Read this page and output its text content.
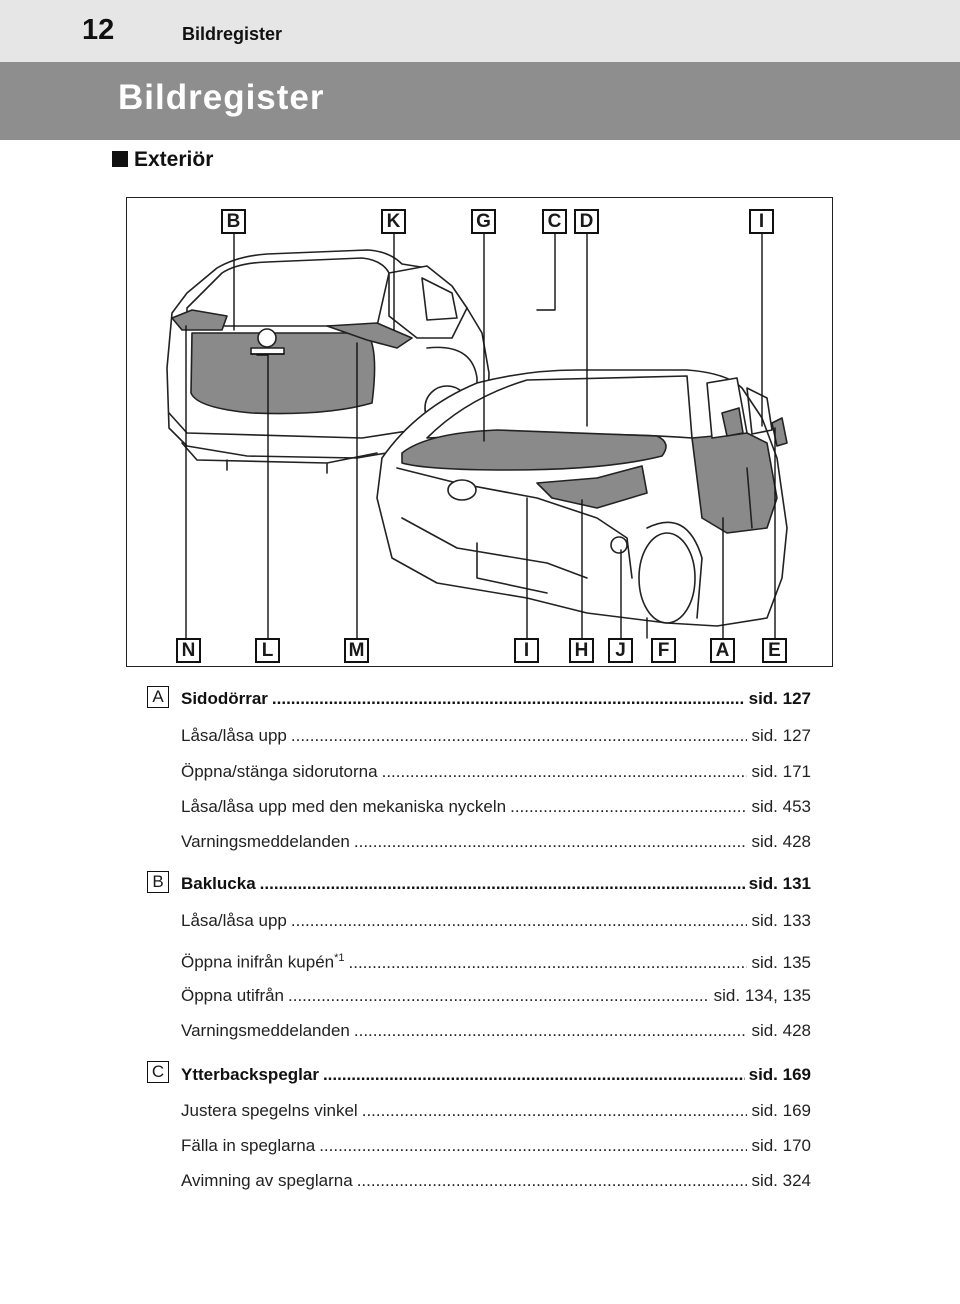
12	Bildregister
Bildregister
Exteriör
B	K	G	C D	I
N	L	M	I	H	J	F	A	E
A	Sidodörrar .....	sid. 127
Låsa/låsa upp .....	sid. 127
Öppna/stänga sidorutorna .....	sid. 171
Låsa/låsa upp med den mekaniska nyckeln .....	sid. 453
Varningsmeddelanden .....	sid. 428
B	Baklucka .....	sid. 131
Låsa/låsa upp .....	sid. 133
Öppna inifrån kupén$^{*1}$ .....	sid. 135
Öppna utifrån .....	sid. 134, 135
Varningsmeddelanden .....	sid. 428
C Ytterbackspeglar .....	sid. 169
Justera spegelns vinkel .....	sid. 169
Fälla in speglarna .....	sid. 170
Avimning av speglarna .....	sid. 324
